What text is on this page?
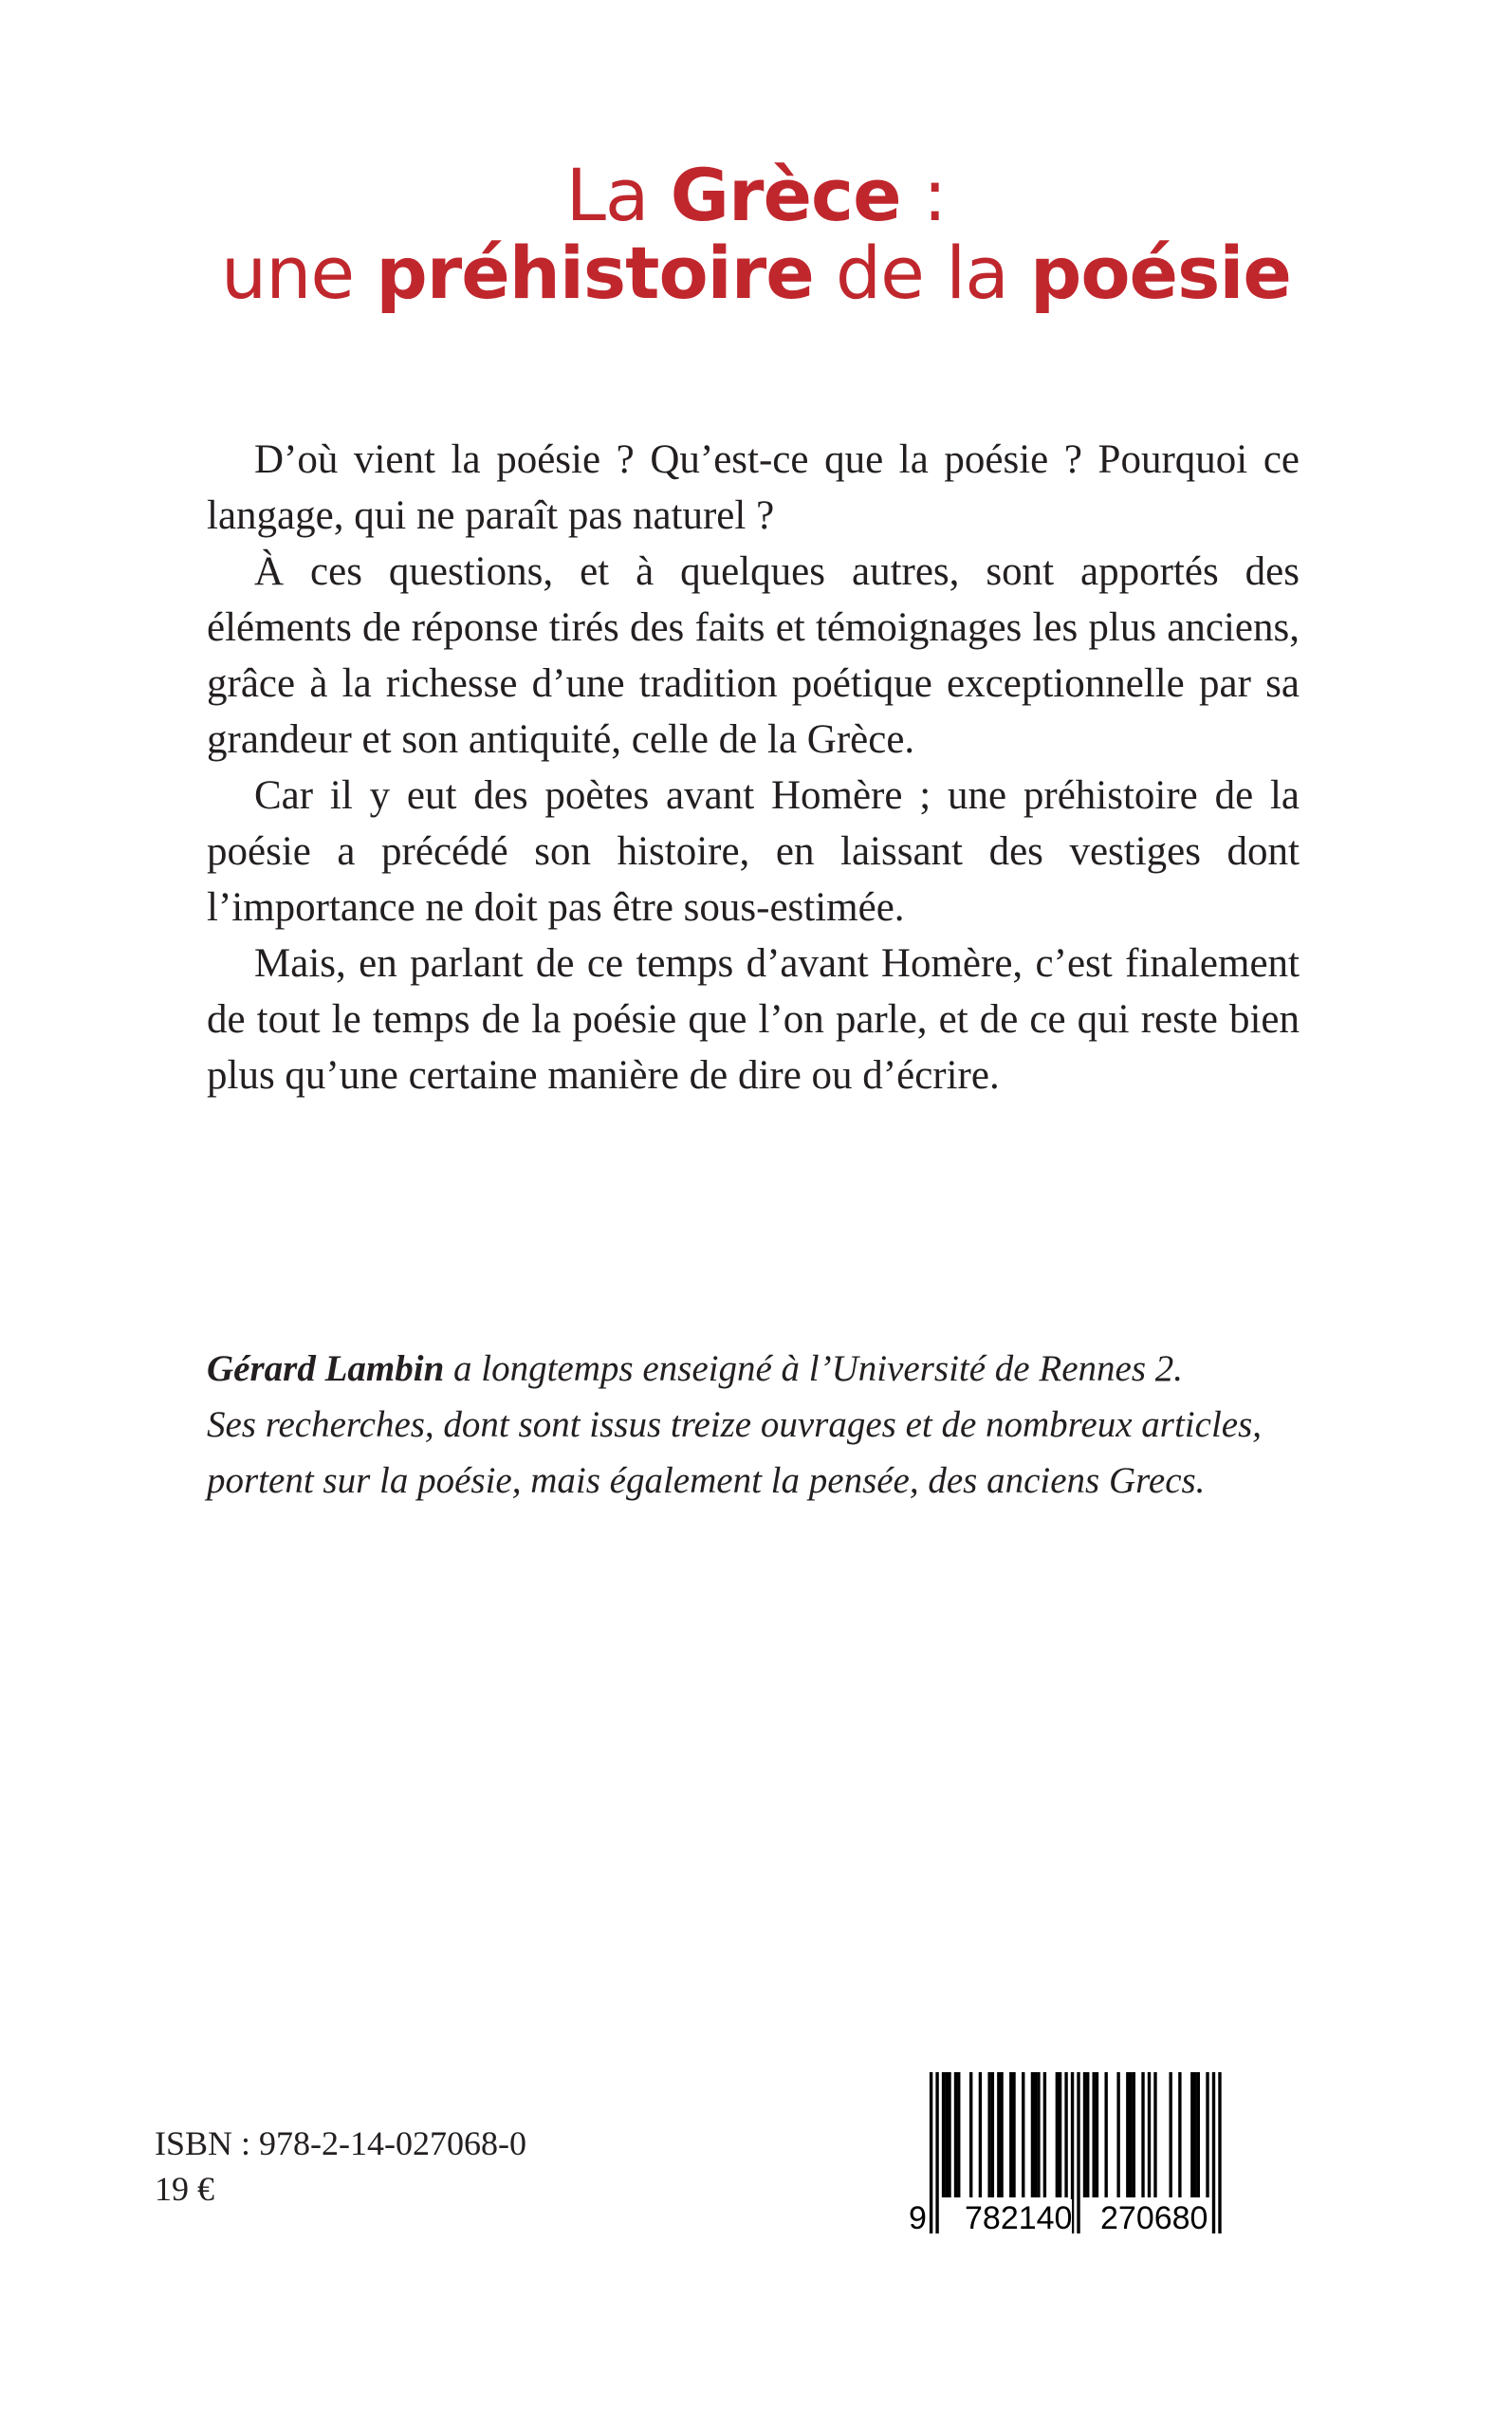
La Grèce :
une préhistoire de la poésie

D’où vient la poésie ? Qu’est-ce que la poésie ? Pourquoi ce langage, qui ne paraît pas naturel ?

À ces questions, et à quelques autres, sont apportés des éléments de réponse tirés des faits et témoignages les plus anciens, grâce à la richesse d’une tradition poétique exceptionnelle par sa grandeur et son antiquité, celle de la Grèce.

Car il y eut des poètes avant Homère ; une préhistoire de la poésie a précédé son histoire, en laissant des vestiges dont l’importance ne doit pas être sous-estimée.

Mais, en parlant de ce temps d’avant Homère, c’est finalement de tout le temps de la poésie que l’on parle, et de ce qui reste bien plus qu’une certaine manière de dire ou d’écrire.

Gérard Lambin a longtemps enseigné à l’Université de Rennes 2.
Ses recherches, dont sont issus treize ouvrages et de nombreux articles,
portent sur la poésie, mais également la pensée, des anciens Grecs.
ISBN : 978-2-14-027068-0
19 €
9 782140 270680
